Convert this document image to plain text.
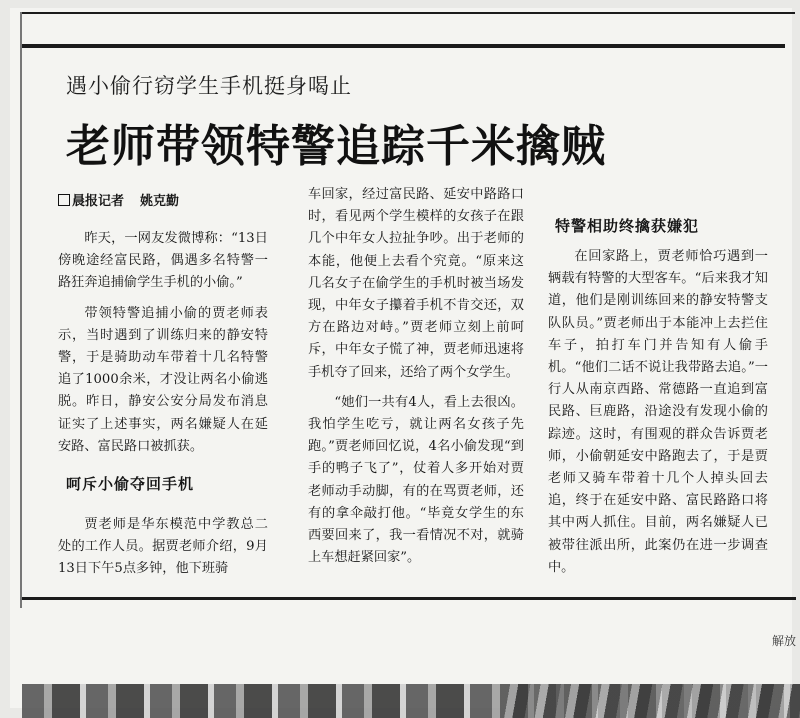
遇小偷行窃学生手机挺身喝止
老师带领特警追踪千米擒贼
晨报记者 姚克勤

昨天，一网友发微博称：“13日傍晚途经富民路，偶遇多名特警一路狂奔追捕偷学生手机的小偷。”

带领特警追捕小偷的贾老师表示，当时遇到了训练归来的静安特警，于是骑助动车带着十几名特警追了1000余米，才没让两名小偷逃脱。昨日，静安公安分局发布消息证实了上述事实，两名嫌疑人在延安路、富民路口被抓获。

呵斥小偷夺回手机

贾老师是华东模范中学教总二处的工作人员。据贾老师介绍，9月13日下午5点多钟，他下班骑

车回家，经过富民路、延安中路路口时，看见两个学生模样的女孩子在跟几个中年女人拉扯争吵。出于老师的本能，他便上去看个究竟。“原来这几名女子在偷学生的手机时被当场发现，中年女子攥着手机不肯交还，双方在路边对峙。”贾老师立刻上前呵斥，中年女子慌了神，贾老师迅速将手机夺了回来，还给了两个女学生。

“她们一共有4人，看上去很凶。我怕学生吃亏，就让两名女孩子先跑。”贾老师回忆说，4名小偷发现“到手的鸭子飞了”，仗着人多开始对贾老师动手动脚，有的在骂贾老师，还有的拿伞敲打他。“毕竟女学生的东西要回来了，我一看情况不对，就骑上车想赶紧回家”。

特警相助终擒获嫌犯

在回家路上，贾老师恰巧遇到一辆载有特警的大型客车。“后来我才知道，他们是刚训练回来的静安特警支队队员。”贾老师出于本能冲上去拦住车子，拍打车门并告知有人偷手机。“他们二话不说让我带路去追。”一行人从南京西路、常德路一直追到富民路、巨鹿路，沿途没有发现小偷的踪迹。这时，有围观的群众告诉贾老师，小偷朝延安中路跑去了，于是贾老师又骑车带着十几个人掉头回去追，终于在延安中路、富民路路口将其中两人抓住。目前，两名嫌疑人已被带往派出所，此案仍在进一步调查中。

解放
